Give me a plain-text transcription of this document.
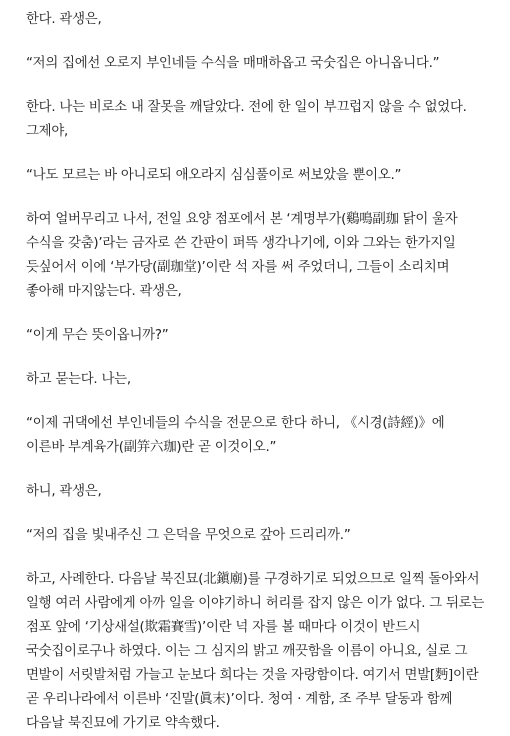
한다. 곽생은,

“저의 집에선 오로지 부인네들 수식을 매매하옵고 국숫집은 아니옵니다.”

한다. 나는 비로소 내 잘못을 깨달았다. 전에 한 일이 부끄럽지 않을 수 없었다. 그제야,

“나도 모르는 바 아니로되 애오라지 심심풀이로 써보았을 뿐이오.”

하여 얼버무리고 나서, 전일 요양 점포에서 본 ‘계명부가(鷄鳴副珈 닭이 울자 수식을 갖춤)’라는 금자로 쓴 간판이 퍼뜩 생각나기에, 이와 그와는 한가지일 듯싶어서 이에 ‘부가당(副珈堂)’이란 석 자를 써 주었더니, 그들이 소리치며 좋아해 마지않는다. 곽생은,

“이게 무슨 뜻이옵니까?”

하고 묻는다. 나는,

“이제 귀댁에선 부인네들의 수식을 전문으로 한다 하니, 《시경(詩經)》에 이른바 부계육가(副笄六珈)란 곧 이것이오.”

하니, 곽생은,

“저의 집을 빛내주신 그 은덕을 무엇으로 갚아 드리리까.”

하고, 사례한다. 다음날 북진묘(北鎭廟)를 구경하기로 되었으므로 일찍 돌아와서 일행 여러 사람에게 아까 일을 이야기하니 허리를 잡지 않은 이가 없다. 그 뒤로는 점포 앞에 ‘기상새설(欺霜賽雪)’이란 넉 자를 볼 때마다 이것이 반드시 국숫집이로구나 하였다. 이는 그 심지의 밝고 깨끗함을 이름이 아니요, 실로 그 면발이 서릿발처럼 가늘고 눈보다 희다는 것을 자랑함이다. 여기서 면발[麪]이란 곧 우리나라에서 이른바 ‘진말(眞末)’이다. 청여 · 계함, 조 주부 달동과 함께 다음날 북진묘에 가기로 약속했다.
